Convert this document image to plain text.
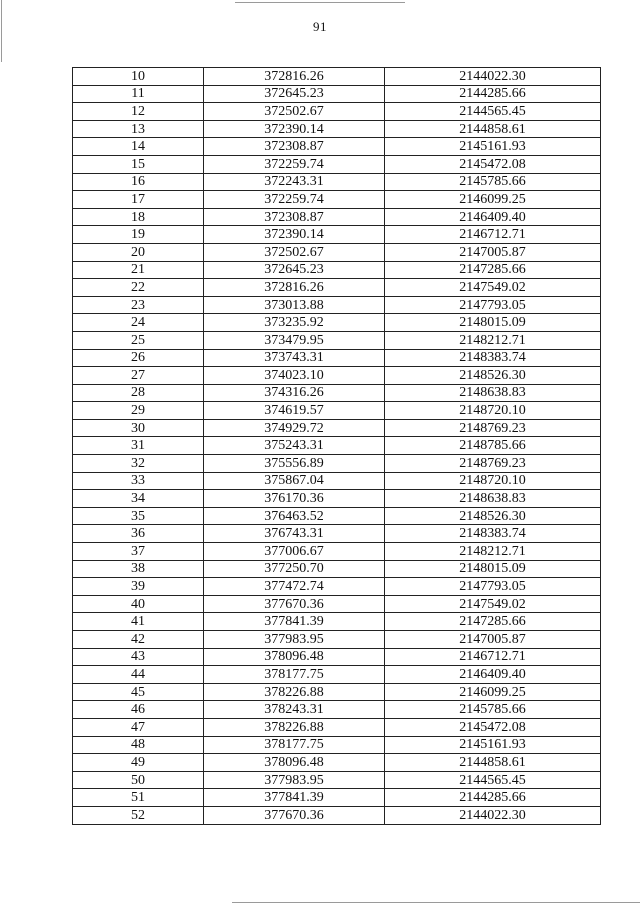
91
10	372816.26	2144022.30
11	372645.23	2144285.66
12	372502.67	2144565.45
13	372390.14	2144858.61
14	372308.87	2145161.93
15	372259.74	2145472.08
16	372243.31	2145785.66
17	372259.74	2146099.25
18	372308.87	2146409.40
19	372390.14	2146712.71
20	372502.67	2147005.87
21	372645.23	2147285.66
22	372816.26	2147549.02
23	373013.88	2147793.05
24	373235.92	2148015.09
25	373479.95	2148212.71
26	373743.31	2148383.74
27	374023.10	2148526.30
28	374316.26	2148638.83
29	374619.57	2148720.10
30	374929.72	2148769.23
31	375243.31	2148785.66
32	375556.89	2148769.23
33	375867.04	2148720.10
34	376170.36	2148638.83
35	376463.52	2148526.30
36	376743.31	2148383.74
37	377006.67	2148212.71
38	377250.70	2148015.09
39	377472.74	2147793.05
40	377670.36	2147549.02
41	377841.39	2147285.66
42	377983.95	2147005.87
43	378096.48	2146712.71
44	378177.75	2146409.40
45	378226.88	2146099.25
46	378243.31	2145785.66
47	378226.88	2145472.08
48	378177.75	2145161.93
49	378096.48	2144858.61
50	377983.95	2144565.45
51	377841.39	2144285.66
52	377670.36	2144022.30
